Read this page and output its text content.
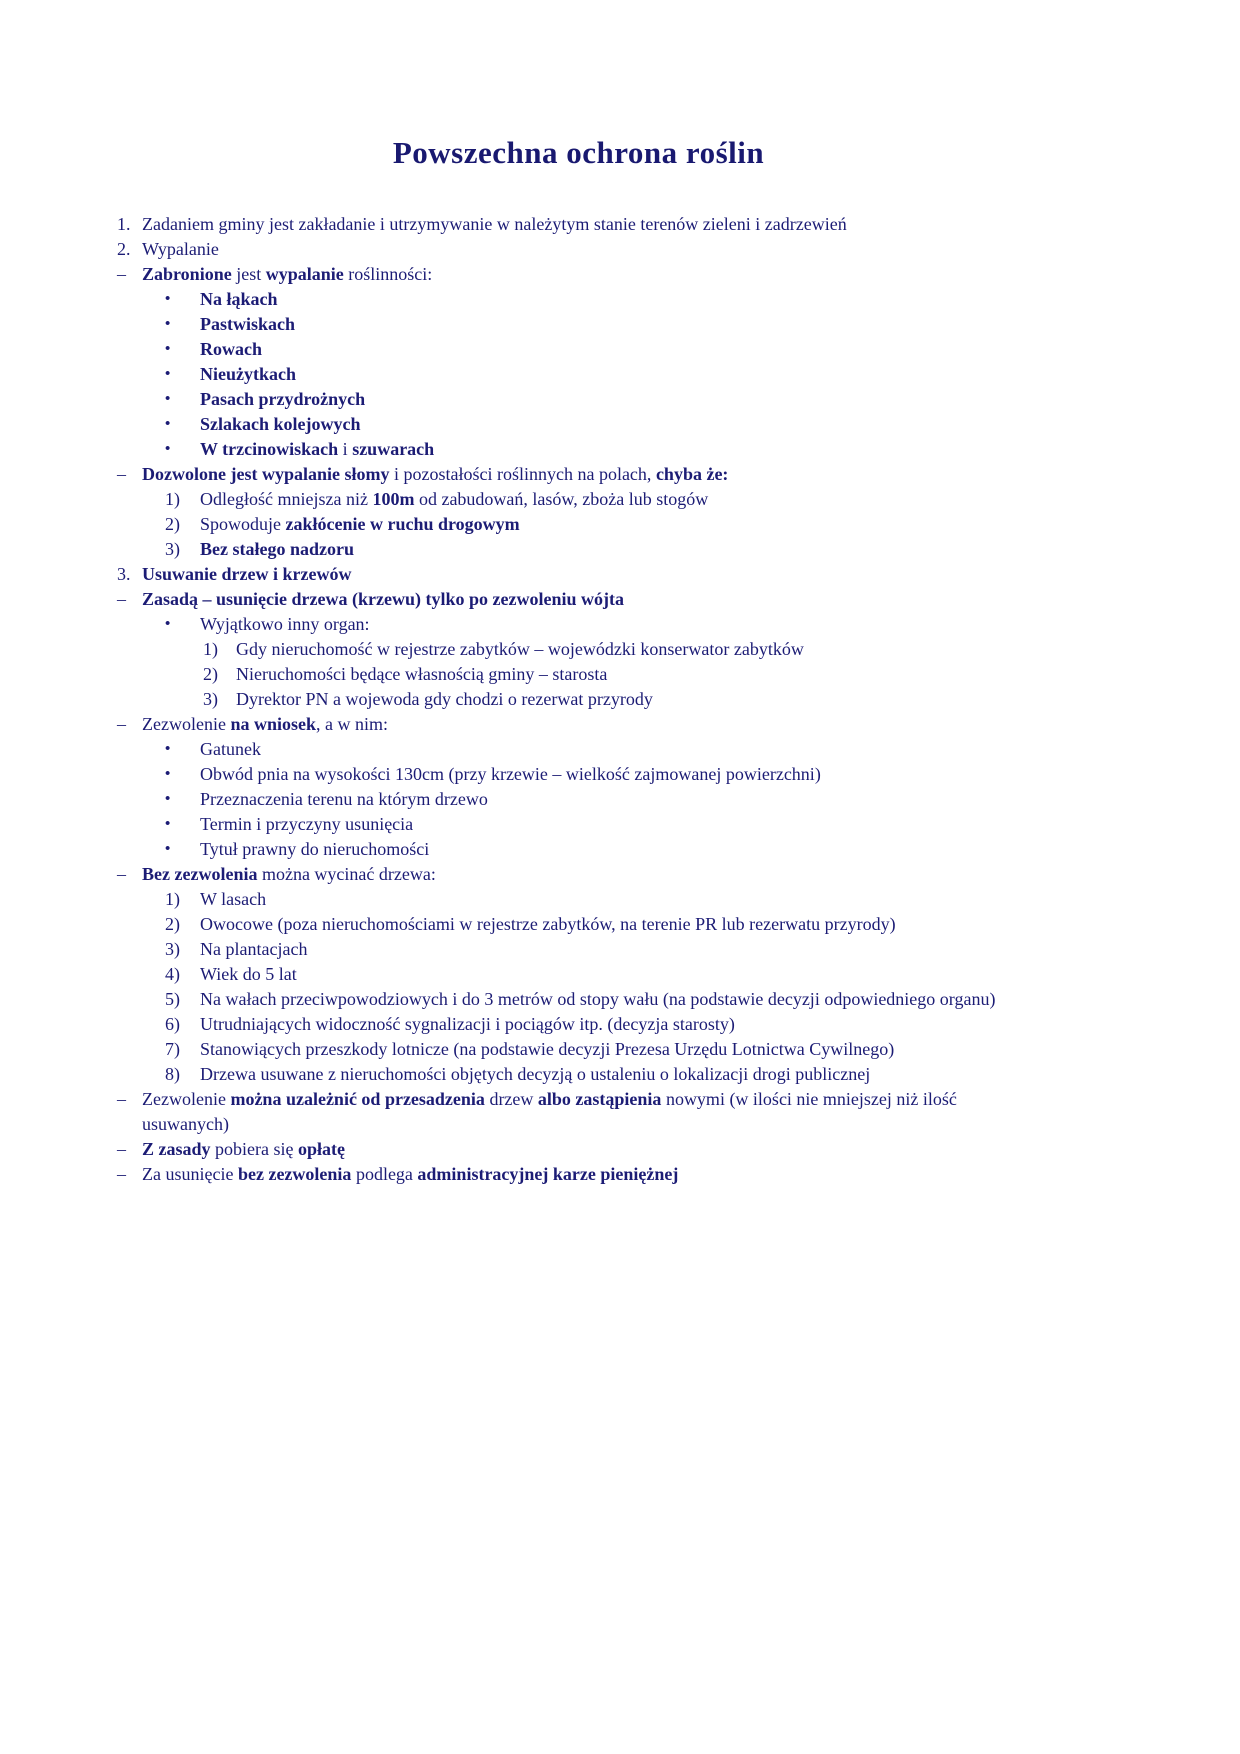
Powszechna ochrona roślin
1. Zadaniem gminy jest zakładanie i utrzymywanie w należytym stanie terenów zieleni i zadrzewień
2. Wypalanie
– Zabronione jest wypalanie roślinności:
• Na łąkach
• Pastwiskach
• Rowach
• Nieużytkach
• Pasach przydrożnych
• Szlakach kolejowych
• W trzcinowiskach i szuwarach
– Dozwolone jest wypalanie słomy i pozostałości roślinnych na polach, chyba że:
1) Odległość mniejsza niż 100m od zabudowań, lasów, zboża lub stogów
2) Spowoduje zakłócenie w ruchu drogowym
3) Bez stałego nadzoru
3. Usuwanie drzew i krzewów
– Zasadą – usunięcie drzewa (krzewu) tylko po zezwoleniu wójta
• Wyjątkowo inny organ:
1) Gdy nieruchomość w rejestrze zabytków – wojewódzki konserwator zabytków
2) Nieruchomości będące własnością gminy – starosta
3) Dyrektor PN a wojewoda gdy chodzi o rezerwat przyrody
– Zezwolenie na wniosek, a w nim:
• Gatunek
• Obwód pnia na wysokości 130cm (przy krzewie – wielkość zajmowanej powierzchni)
• Przeznaczenia terenu na którym drzewo
• Termin i przyczyny usunięcia
• Tytuł prawny do nieruchomości
– Bez zezwolenia można wycinać drzewa:
1) W lasach
2) Owocowe (poza nieruchomościami w rejestrze zabytków, na terenie PR lub rezerwatu przyrody)
3) Na plantacjach
4) Wiek do 5 lat
5) Na wałach przeciwpowodziowych i do 3 metrów od stopy wału (na podstawie decyzji odpowiedniego organu)
6) Utrudniających widoczność sygnalizacji i pociągów itp. (decyzja starosty)
7) Stanowiących przeszkody lotnicze (na podstawie decyzji Prezesa Urzędu Lotnictwa Cywilnego)
8) Drzewa usuwane z nieruchomości objętych decyzją o ustaleniu o lokalizacji drogi publicznej
– Zezwolenie można uzależnić od przesadzenia drzew albo zastąpienia nowymi (w ilości nie mniejszej niż ilość usuwanych)
– Z zasady pobiera się opłatę
– Za usunięcie bez zezwolenia podlega administracyjnej karze pieniężnej
